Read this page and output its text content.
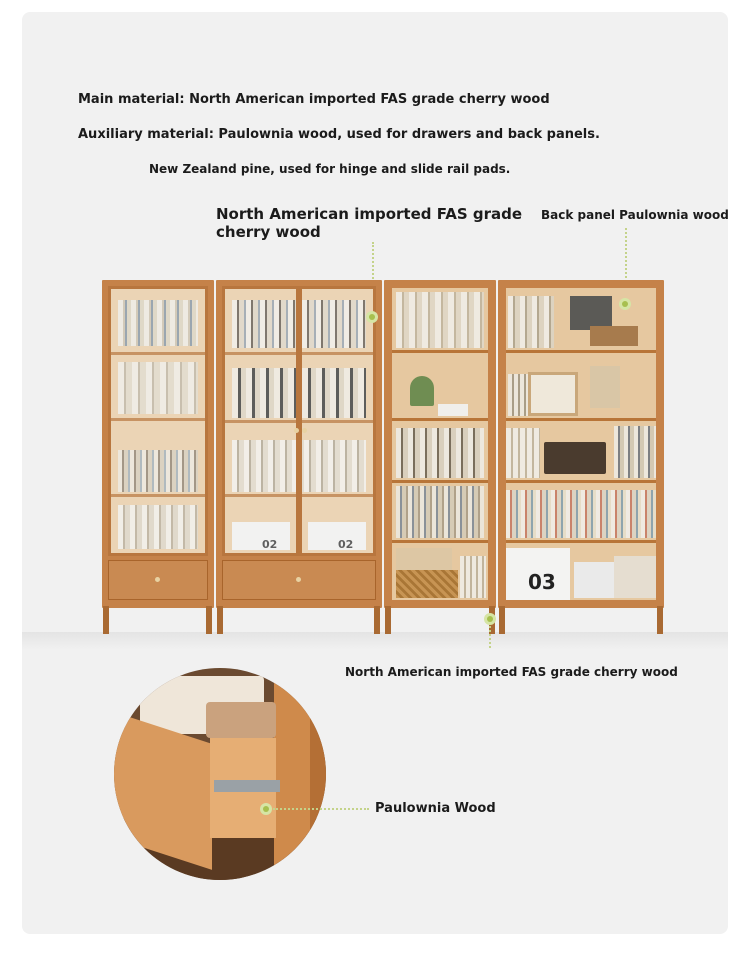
Main material: North American imported FAS grade cherry wood
Auxiliary material: Paulownia wood, used for drawers and back panels.
New Zealand pine, used for hinge and slide rail pads.
North American imported FAS grade
cherry wood
Back panel Paulownia wood
02	02
03
North American imported FAS grade cherry wood
Paulownia Wood
